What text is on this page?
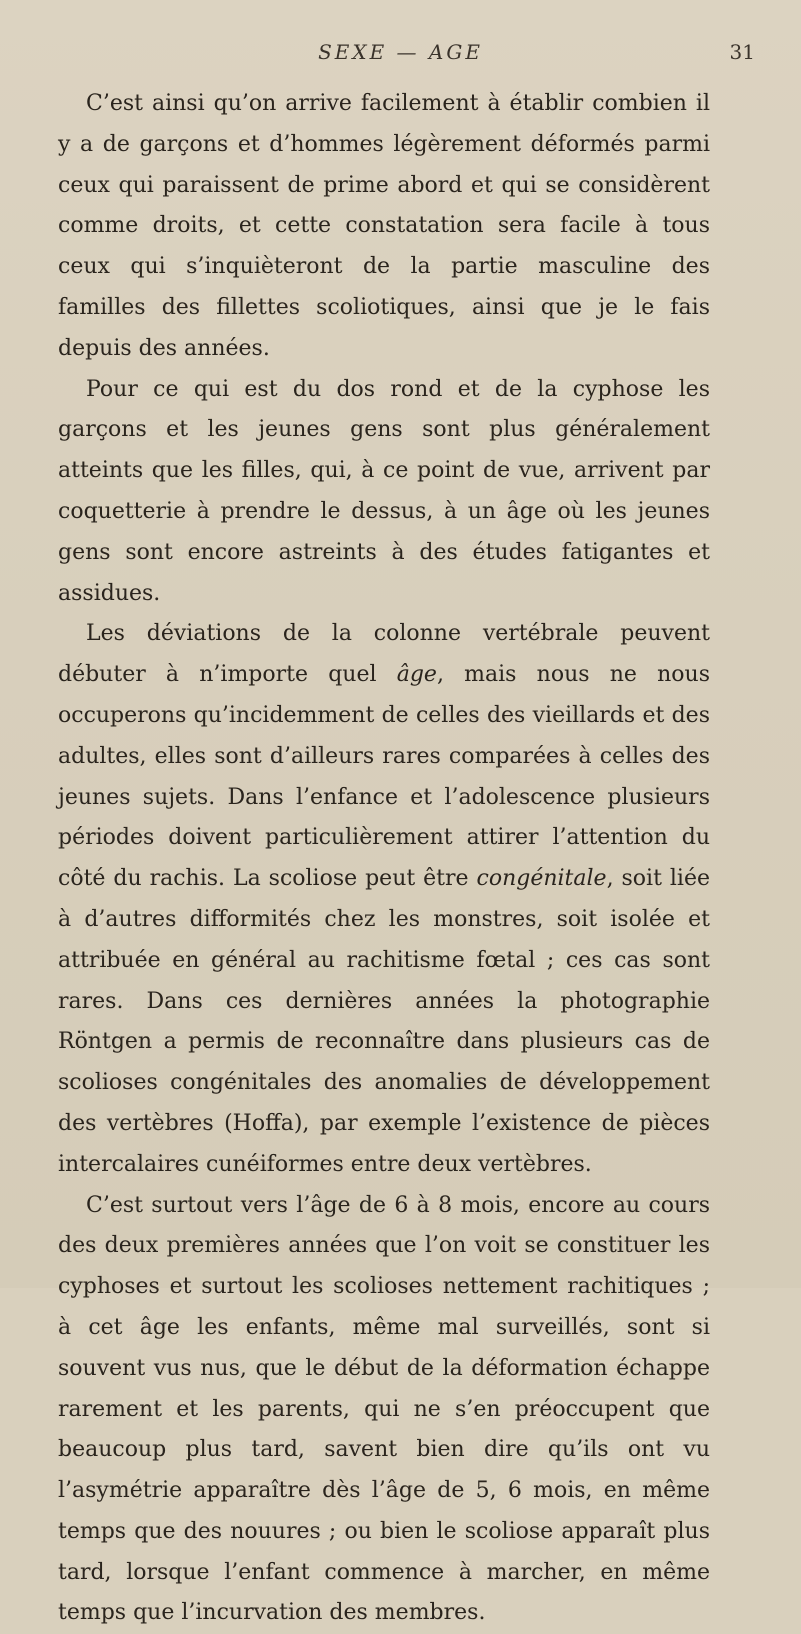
SEXE — AGE	31

C’est ainsi qu’on arrive facilement à établir combien il y a de garçons et d’hommes légèrement déformés parmi ceux qui paraissent de prime abord et qui se considèrent comme droits, et cette constatation sera facile à tous ceux qui s’inquièteront de la partie masculine des familles des fillettes scoliotiques, ainsi que je le fais depuis des années.

Pour ce qui est du dos rond et de la cyphose les garçons et les jeunes gens sont plus généralement atteints que les filles, qui, à ce point de vue, arrivent par coquetterie à prendre le dessus, à un âge où les jeunes gens sont encore astreints à des études fatigantes et assidues.

Les déviations de la colonne vertébrale peuvent débuter à n’importe quel âge, mais nous ne nous occuperons qu’incidemment de celles des vieillards et des adultes, elles sont d’ailleurs rares comparées à celles des jeunes sujets. Dans l’enfance et l’adolescence plusieurs périodes doivent particulièrement attirer l’attention du côté du rachis. La scoliose peut être congénitale, soit liée à d’autres difformités chez les monstres, soit isolée et attribuée en général au rachitisme fœtal ; ces cas sont rares. Dans ces dernières années la photographie Röntgen a permis de reconnaître dans plusieurs cas de scolioses congénitales des anomalies de développement des vertèbres (Hoffa), par exemple l’existence de pièces intercalaires cunéiformes entre deux vertèbres.

C’est surtout vers l’âge de 6 à 8 mois, encore au cours des deux premières années que l’on voit se constituer les cyphoses et surtout les scolioses nettement rachitiques ; à cet âge les enfants, même mal surveillés, sont si souvent vus nus, que le début de la déformation échappe rarement et les parents, qui ne s’en préoccupent que beaucoup plus tard, savent bien dire qu’ils ont vu l’asymétrie apparaître dès l’âge de 5, 6 mois, en même temps que des nouures ; ou bien le scoliose apparaît plus tard, lorsque l’enfant commence à marcher, en même temps que l’incurvation des membres.
